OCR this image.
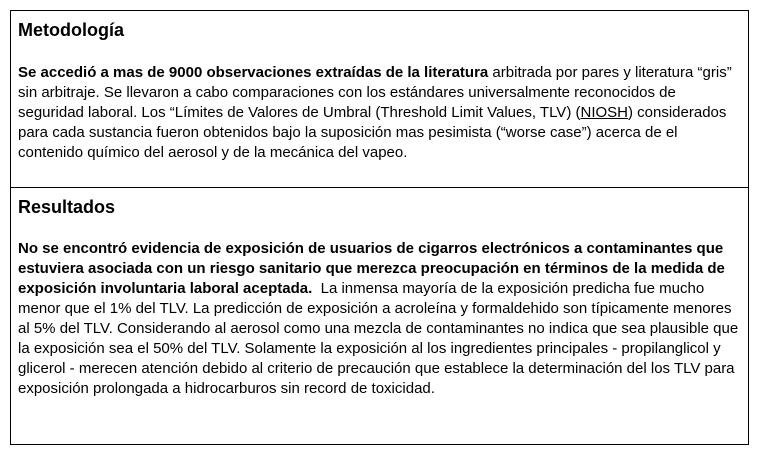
Metodología

Se accedió a mas de 9000 observaciones extraídas de la literatura arbitrada por pares y literatura “gris” sin arbitraje. Se llevaron a cabo comparaciones con los estándares universalmente reconocidos de seguridad laboral. Los “Límites de Valores de Umbral (Threshold Limit Values, TLV) (NIOSH) considerados para cada sustancia fueron obtenidos bajo la suposición mas pesimista (“worse case”) acerca de el contenido químico del aerosol y de la mecánica del vapeo.

Resultados

No se encontró evidencia de exposición de usuarios de cigarros electrónicos a contaminantes que estuviera asociada con un riesgo sanitario que merezca preocupación en términos de la medida de exposición involuntaria laboral aceptada.  La inmensa mayoría de la exposición predicha fue mucho menor que el 1% del TLV. La predicción de exposición a acroleína y formaldehido son típicamente menores al 5% del TLV. Considerando al aerosol como una mezcla de contaminantes no indica que sea plausible que la exposición sea el 50% del TLV. Solamente la exposición al los ingredientes principales - propilanglicol y glicerol - merecen atención debido al criterio de precaución que establece la determinación del los TLV para exposición prolongada a hidrocarburos sin record de toxicidad.
